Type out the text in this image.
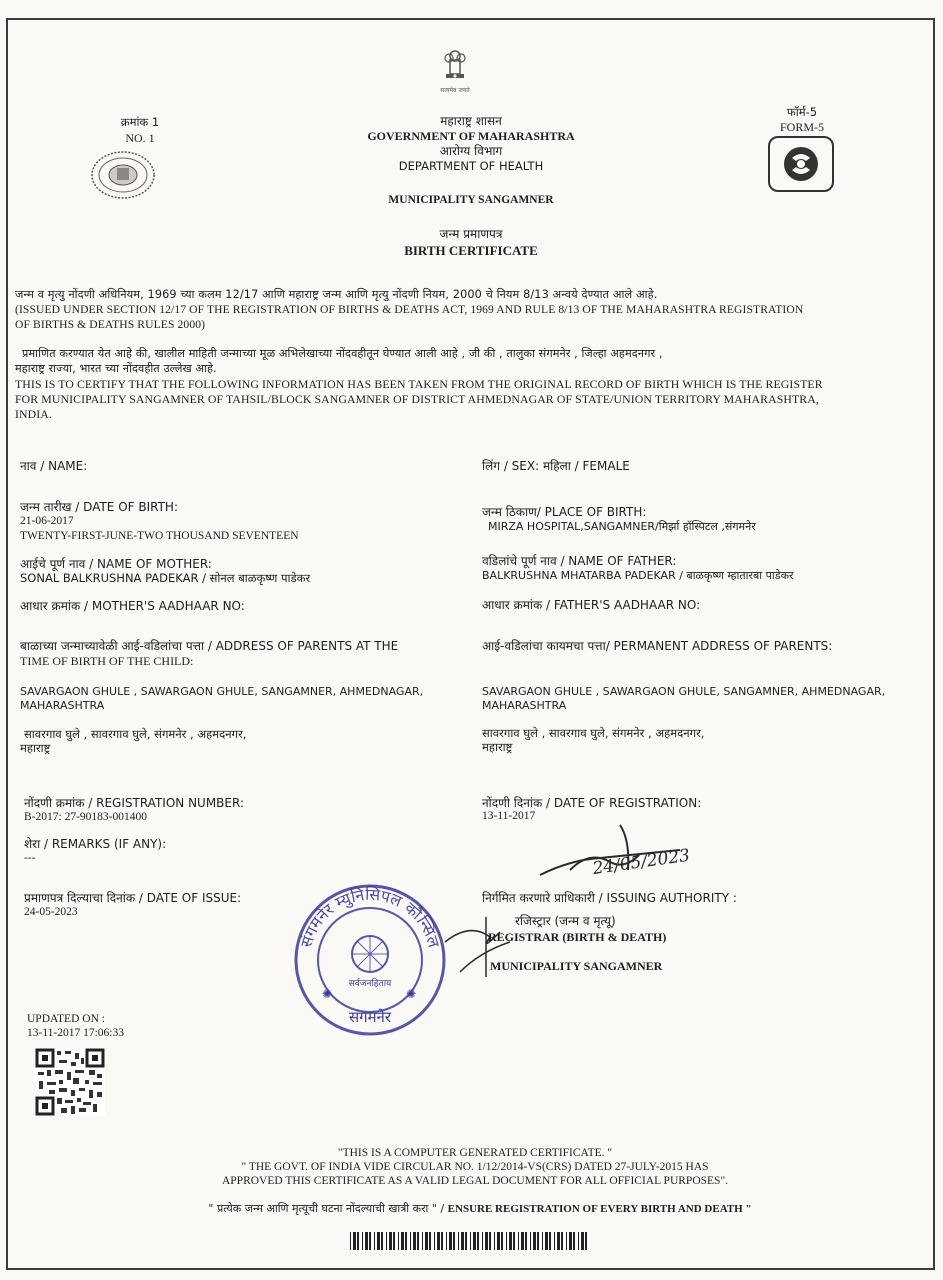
सत्यमेव जयते
क्रमांक 1
NO. 1
फॉर्म-5
FORM-5
महाराष्ट्र शासन
GOVERNMENT OF MAHARASHTRA
आरोग्य विभाग
DEPARTMENT OF HEALTH
MUNICIPALITY SANGAMNER
जन्म प्रमाणपत्र
BIRTH CERTIFICATE
जन्म व मृत्यु नोंदणी अधिनियम, 1969 च्या कलम 12/17 आणि महाराष्ट्र जन्म आणि मृत्यु नोंदणी नियम, 2000 चे नियम 8/13 अन्वये देण्यात आले आहे.
(ISSUED UNDER SECTION 12/17 OF THE REGISTRATION OF BIRTHS & DEATHS ACT, 1969 AND RULE 8/13 OF THE MAHARASHTRA REGISTRATION
OF BIRTHS & DEATHS RULES 2000)
प्रमाणित करण्यात येत आहे की, खालील माहिती जन्माच्या मूळ अभिलेखाच्या नोंदवहीतून घेण्यात आली आहे , जी की , तालुका संगमनेर , जिल्हा अहमदनगर ,
महाराष्ट्र राज्या, भारत च्या नोंदवहीत उल्लेख आहे.
THIS IS TO CERTIFY THAT THE FOLLOWING INFORMATION HAS BEEN TAKEN FROM THE ORIGINAL RECORD OF BIRTH WHICH IS THE REGISTER
FOR MUNICIPALITY SANGAMNER OF TAHSIL/BLOCK SANGAMNER OF DISTRICT AHMEDNAGAR OF STATE/UNION TERRITORY MAHARASHTRA,
INDIA.
नाव / NAME:
जन्म तारीख / DATE OF BIRTH:
21-06-2017
TWENTY-FIRST-JUNE-TWO THOUSAND SEVENTEEN
आईचे पूर्ण नाव / NAME OF MOTHER:
SONAL BALKRUSHNA PADEKAR / सोनल बाळकृष्ण पाडेकर
आधार क्रमांक / MOTHER'S AADHAAR NO:
बाळाच्या जन्माच्यावेळी आई-वडिलांचा पत्ता / ADDRESS OF PARENTS AT THE
TIME OF BIRTH OF THE CHILD:
SAVARGAON GHULE , SAWARGAON GHULE, SANGAMNER, AHMEDNAGAR,
MAHARASHTRA
सावरगाव घुले , सावरगाव घुले, संगमनेर , अहमदनगर,
महाराष्ट्र
नोंदणी क्रमांक / REGISTRATION NUMBER:
B-2017: 27-90183-001400
शेरा / REMARKS (IF ANY):
---
प्रमाणपत्र दिल्याचा दिनांक / DATE OF ISSUE:
24-05-2023
UPDATED ON :
13-11-2017 17:06:33
लिंग / SEX: महिला / FEMALE
जन्म ठिकाण/ PLACE OF BIRTH:
MIRZA HOSPITAL,SANGAMNER/मिर्झा हॉस्पिटल ,संगमनेर
वडिलांचे पूर्ण नाव / NAME OF FATHER:
BALKRUSHNA MHATARBA PADEKAR / बाळकृष्ण म्हातारबा पाडेकर
आधार क्रमांक / FATHER'S AADHAAR NO:
आई-वडिलांचा कायमचा पत्ता/ PERMANENT ADDRESS OF PARENTS:
SAVARGAON GHULE , SAWARGAON GHULE, SANGAMNER, AHMEDNAGAR,
MAHARASHTRA
सावरगाव घुले , सावरगाव घुले, संगमनेर , अहमदनगर,
महाराष्ट्र
नोंदणी दिनांक / DATE OF REGISTRATION:
13-11-2017
24/05/2023
निर्गमित करणारे प्राधिकारी / ISSUING AUTHORITY :
संगमनेर म्युनिसिपल कौन्सिल
सर्वजनहिताय
संगमनेर
✺	✺
रजिस्ट्रार (जन्म व मृत्यू)
REGISTRAR (BIRTH & DEATH)
MUNICIPALITY SANGAMNER
"THIS IS A COMPUTER GENERATED CERTIFICATE. "
" THE GOVT. OF INDIA VIDE CIRCULAR NO. 1/12/2014-VS(CRS) DATED 27-JULY-2015 HAS
APPROVED THIS CERTIFICATE AS A VALID LEGAL DOCUMENT FOR ALL OFFICIAL PURPOSES".
" प्रत्येक जन्म आणि मृत्यूची घटना नोंदल्याची खात्री करा " / ENSURE REGISTRATION OF EVERY BIRTH AND DEATH "
